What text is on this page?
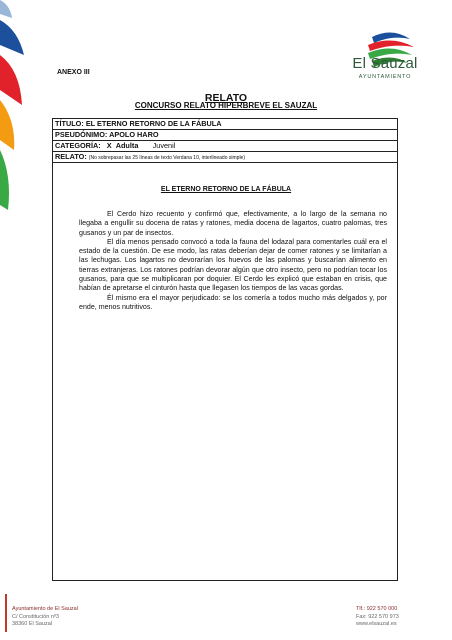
El Sauzal
AYUNTAMIENTO
ANEXO III
RELATO
CONCURSO RELATO HIPERBREVE EL SAUZAL
TÍTULO: EL ETERNO RETORNO DE LA FÁBULA
PSEUDÓNIMO: APOLO HARO
CATEGORÍA: X Adulta Juvenil
RELATO: (No sobrepasar las 25 líneas de texto Verdana 10, interlineado simple)
EL ETERNO RETORNO DE LA FÁBULA

El Cerdo hizo recuento y confirmó que, efectivamente, a lo largo de la semana no llegaba a engullir su docena de ratas y ratones, media docena de lagartos, cuatro palomas, tres gusanos y un par de insectos.

El día menos pensado convocó a toda la fauna del lodazal para comentarles cuál era el estado de la cuestión. De ese modo, las ratas deberían dejar de comer ratones y se limitarían a las lechugas. Los lagartos no devorarían los huevos de las palomas y buscarían alimento en tierras extranjeras. Los ratones podrían devorar algún que otro insecto, pero no podrían tocar los gusanos, para que se multiplicaran por doquier. El Cerdo les explicó que estaban en crisis, que habían de apretarse el cinturón hasta que llegasen los tiempos de las vacas gordas.

Él mismo era el mayor perjudicado: se los comería a todos mucho más delgados y, por ende, menos nutritivos.

Ayuntamiento de El Sauzal
C/ Constitución nº3
38360 El Sauzal
Tlf.: 922 570 000
Fax: 922 570 973
www.elsauzal.es
